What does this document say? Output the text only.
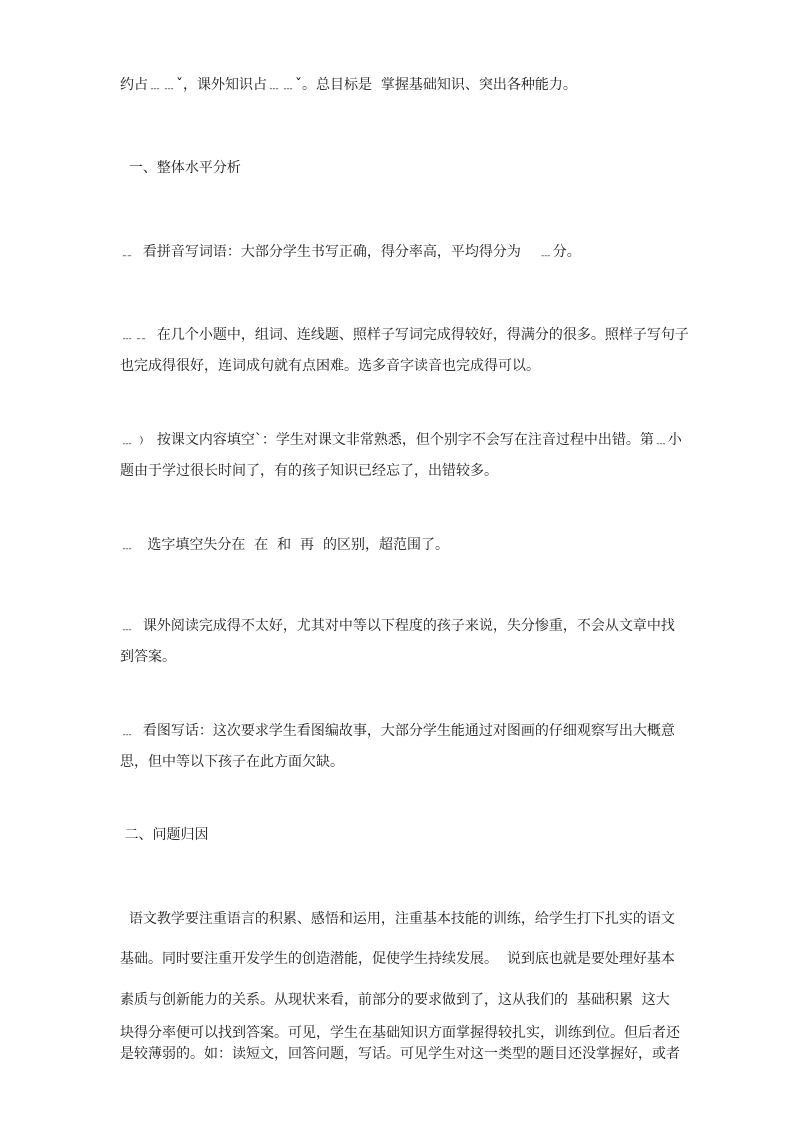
约占﹍﹍ˇ，课外知识占﹍﹍ˇ。总目标是  掌握基础知识、突出各种能力。
一、整体水平分析
﹎  看拼音写词语：大部分学生书写正确，得分率高，平均得分为    ﹍分。
﹍﹎  在几个小题中，组词、连线题、照样子写词完成得较好，得满分的很多。照样子写句子
也完成得很好，连词成句就有点困难。选多音字读音也完成得可以。
﹍﹚  按课文内容填空ˋ：学生对课文非常熟悉，但个别字不会写在注音过程中出错。第﹍小
题由于学过很长时间了，有的孩子知识已经忘了，出错较多。
﹍   选字填空失分在  在  和  再  的区别，超范围了。
﹍  课外阅读完成得不太好，尤其对中等以下程度的孩子来说，失分惨重，不会从文章中找
到答案。
﹍  看图写话：这次要求学生看图编故事，大部分学生能通过对图画的仔细观察写出大概意
思，但中等以下孩子在此方面欠缺。
二、问题归因
语文教学要注重语言的积累、感悟和运用，注重基本技能的训练，给学生打下扎实的语文
基础。同时要注重开发学生的创造潜能，促使学生持续发展。  说到底也就是要处理好基本
素质与创新能力的关系。从现状来看，前部分的要求做到了，这从我们的  基础积累  这大
块得分率便可以找到答案。可见，学生在基础知识方面掌握得较扎实，训练到位。但后者还
是较薄弱的。如：读短文，回答问题，写话。可见学生对这一类型的题目还没掌握好，或者
